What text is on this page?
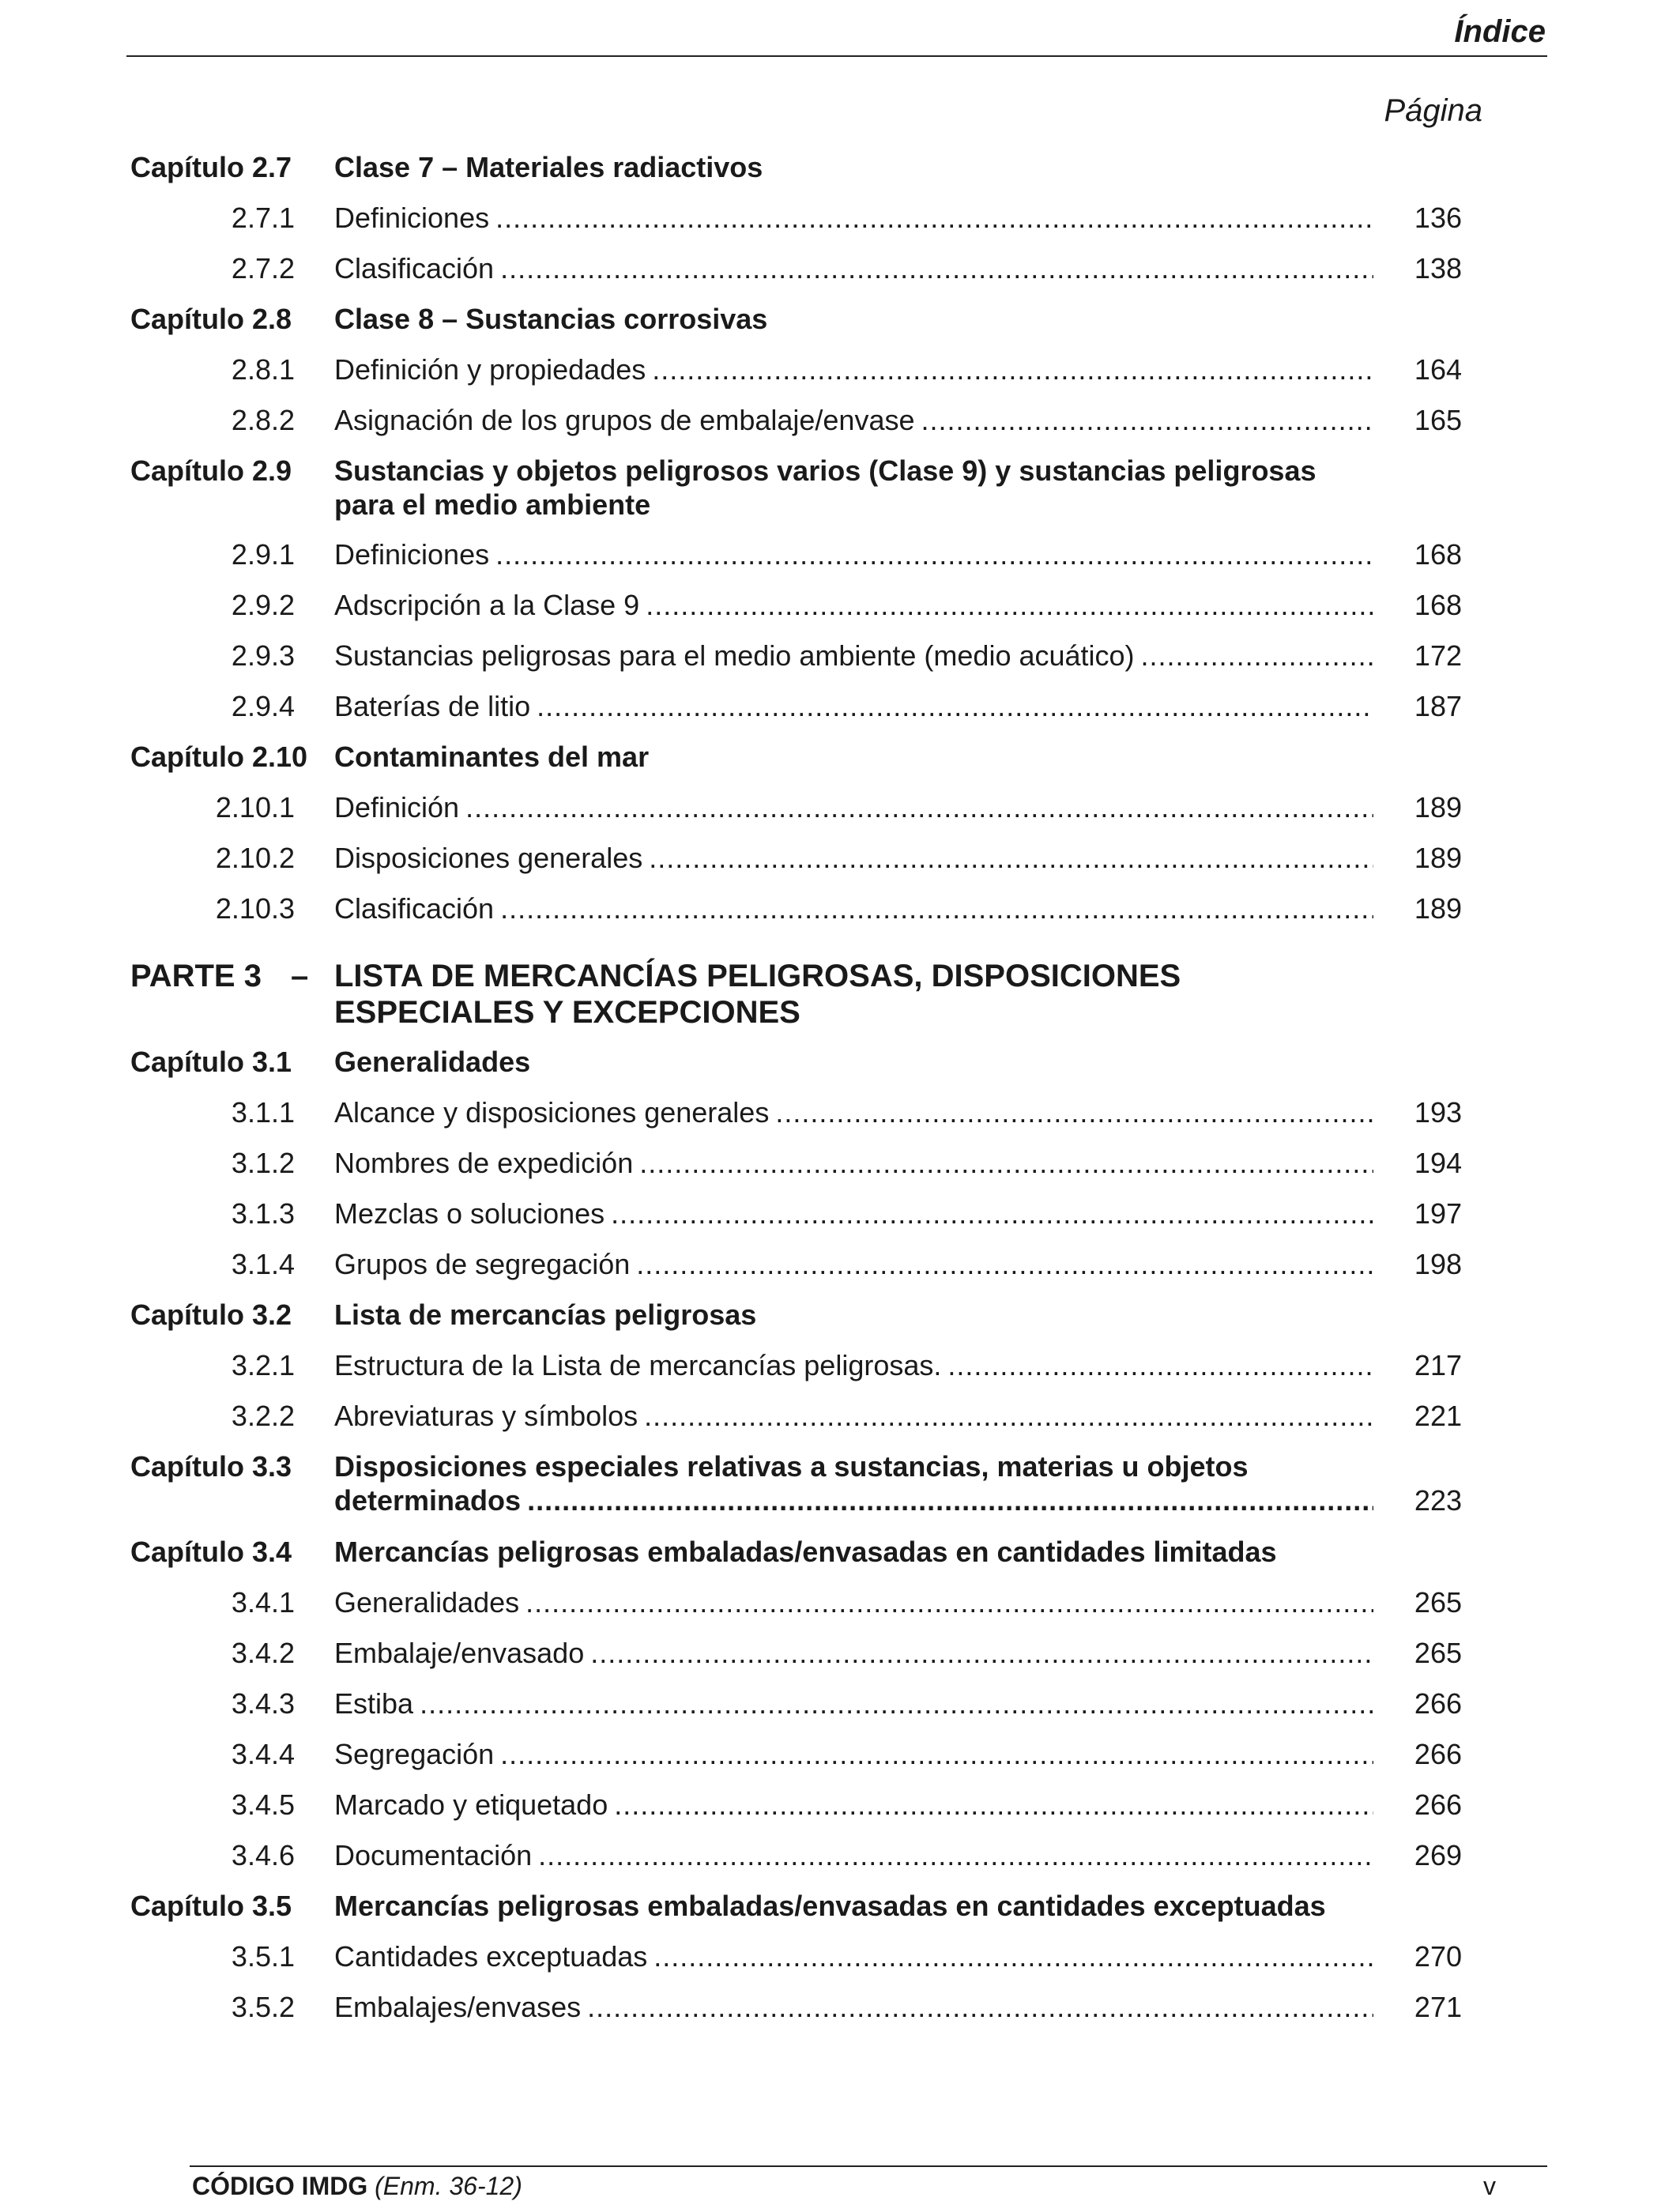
Índice
Página
Capítulo 2.7	Clase 7 – Materiales radiactivos
2.7.1 Definiciones .....	136
2.7.2 Clasificación .....	138
Capítulo 2.8	Clase 8 – Sustancias corrosivas
2.8.1 Definición y propiedades .....	164
2.8.2 Asignación de los grupos de embalaje/envase .....	165
Capítulo 2.9	Sustancias y objetos peligrosos varios (Clase 9) y sustancias peligrosas
para el medio ambiente
2.9.1 Definiciones .....	168
2.9.2 Adscripción a la Clase 9 .....	168
2.9.3 Sustancias peligrosas para el medio ambiente (medio acuático) .....	172
2.9.4 Baterías de litio .....	187
Capítulo 2.10 Contaminantes del mar
2.10.1 Definición .....	189
2.10.2 Disposiciones generales .....	189
2.10.3 Clasificación .....	189
PARTE 3 – LISTA DE MERCANCÍAS PELIGROSAS, DISPOSICIONES
ESPECIALES Y EXCEPCIONES
Capítulo 3.1	Generalidades
3.1.1 Alcance y disposiciones generales .....	193
3.1.2 Nombres de expedición .....	194
3.1.3 Mezclas o soluciones .....	197
3.1.4 Grupos de segregación .....	198
Capítulo 3.2	Lista de mercancías peligrosas
3.2.1 Estructura de la Lista de mercancías peligrosas. .....	217
3.2.2 Abreviaturas y símbolos .....	221
Capítulo 3.3	Disposiciones especiales relativas a sustancias, materias u objetos
determinados .....	223
Capítulo 3.4	Mercancías peligrosas embaladas/envasadas en cantidades limitadas
3.4.1 Generalidades .....	265
3.4.2 Embalaje/envasado .....	265
3.4.3 Estiba .....	266
3.4.4 Segregación .....	266
3.4.5 Marcado y etiquetado .....	266
3.4.6 Documentación .....	269
Capítulo 3.5	Mercancías peligrosas embaladas/envasadas en cantidades exceptuadas
3.5.1 Cantidades exceptuadas .....	270
3.5.2 Embalajes/envases .....	271
CÓDIGO IMDG (Enm. 36-12)	v
